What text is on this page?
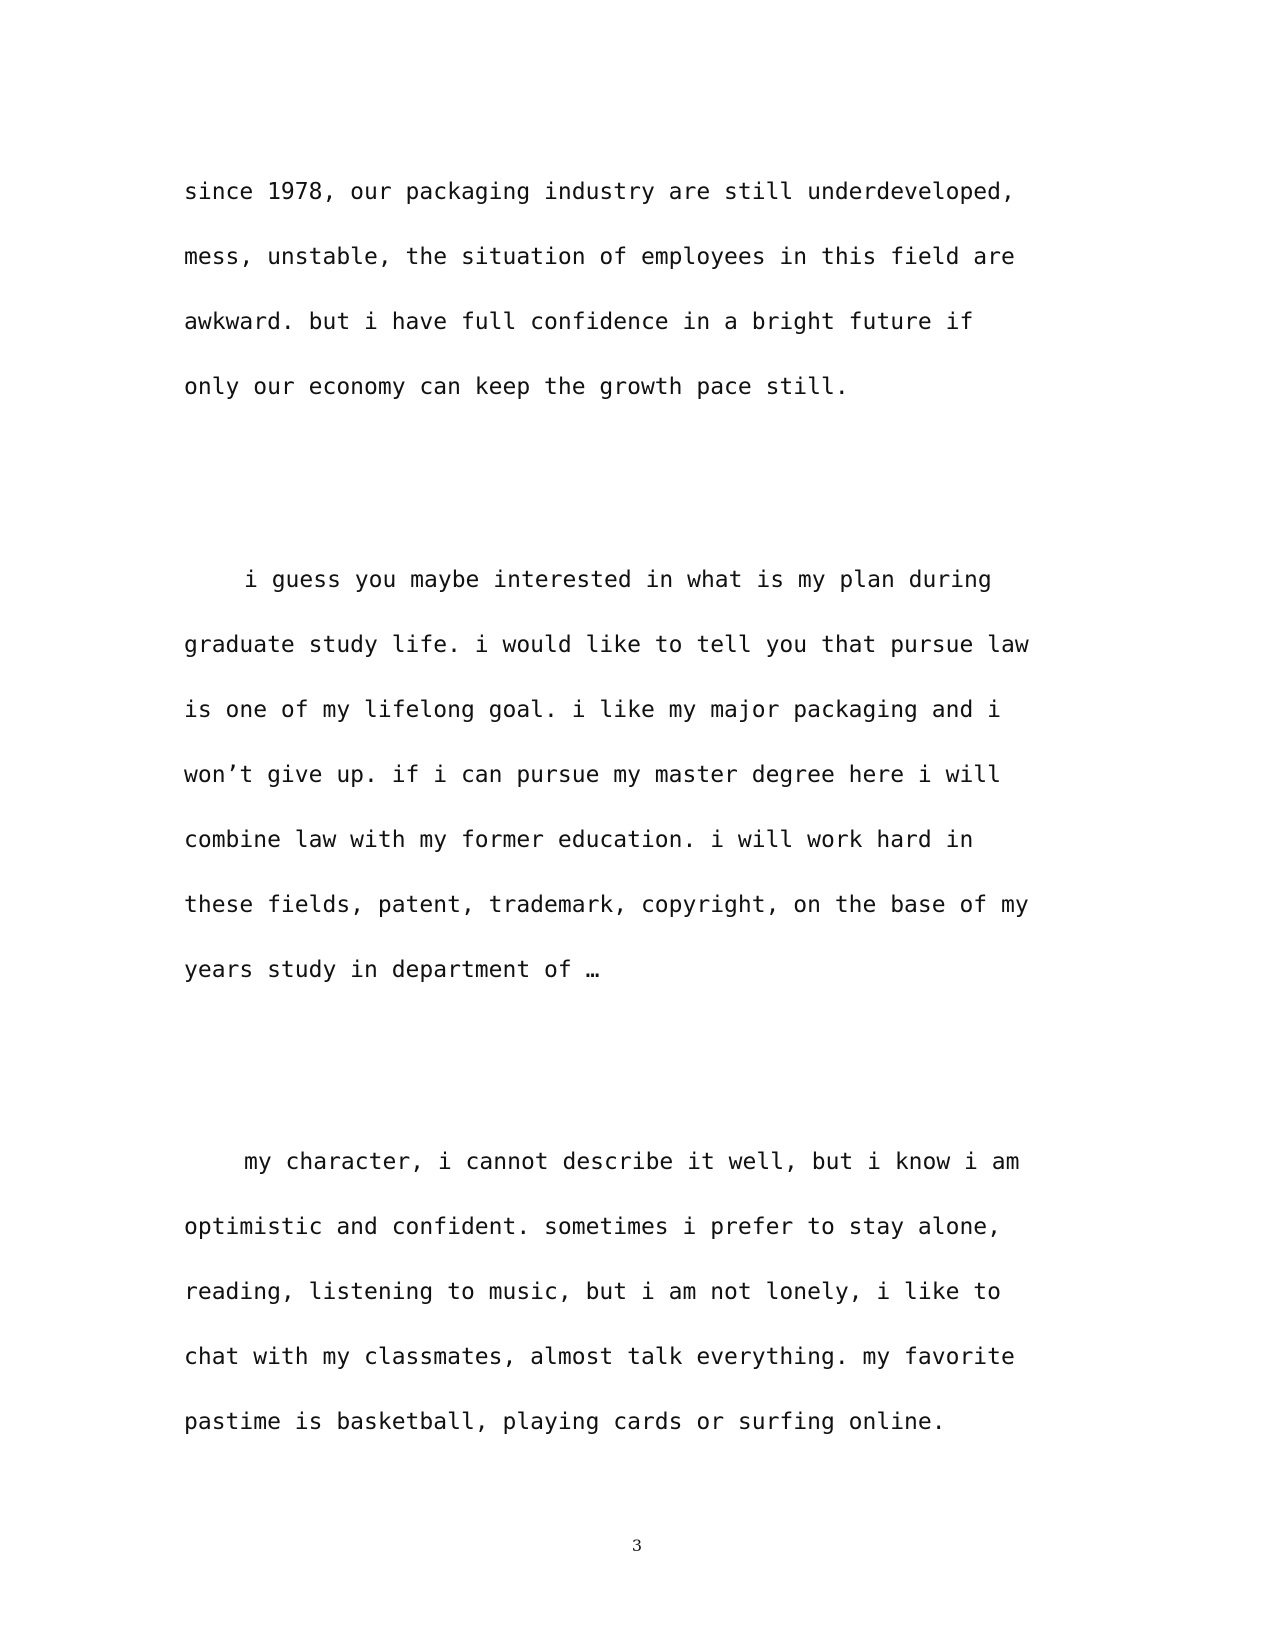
since 1978, our packaging industry are still underdeveloped,
mess, unstable, the situation of employees in this field are
awkward. but i have full confidence in a bright future if
only our economy can keep the growth pace still.
i guess you maybe interested in what is my plan during
graduate study life. i would like to tell you that pursue law
is one of my lifelong goal. i like my major packaging and i
won’t give up. if i can pursue my master degree here i will
combine law with my former education. i will work hard in
these fields, patent, trademark, copyright, on the base of my
years study in department of …
my character, i cannot describe it well, but i know i am
optimistic and confident. sometimes i prefer to stay alone,
reading, listening to music, but i am not lonely, i like to
chat with my classmates, almost talk everything. my favorite
pastime is basketball, playing cards or surfing online.
3
